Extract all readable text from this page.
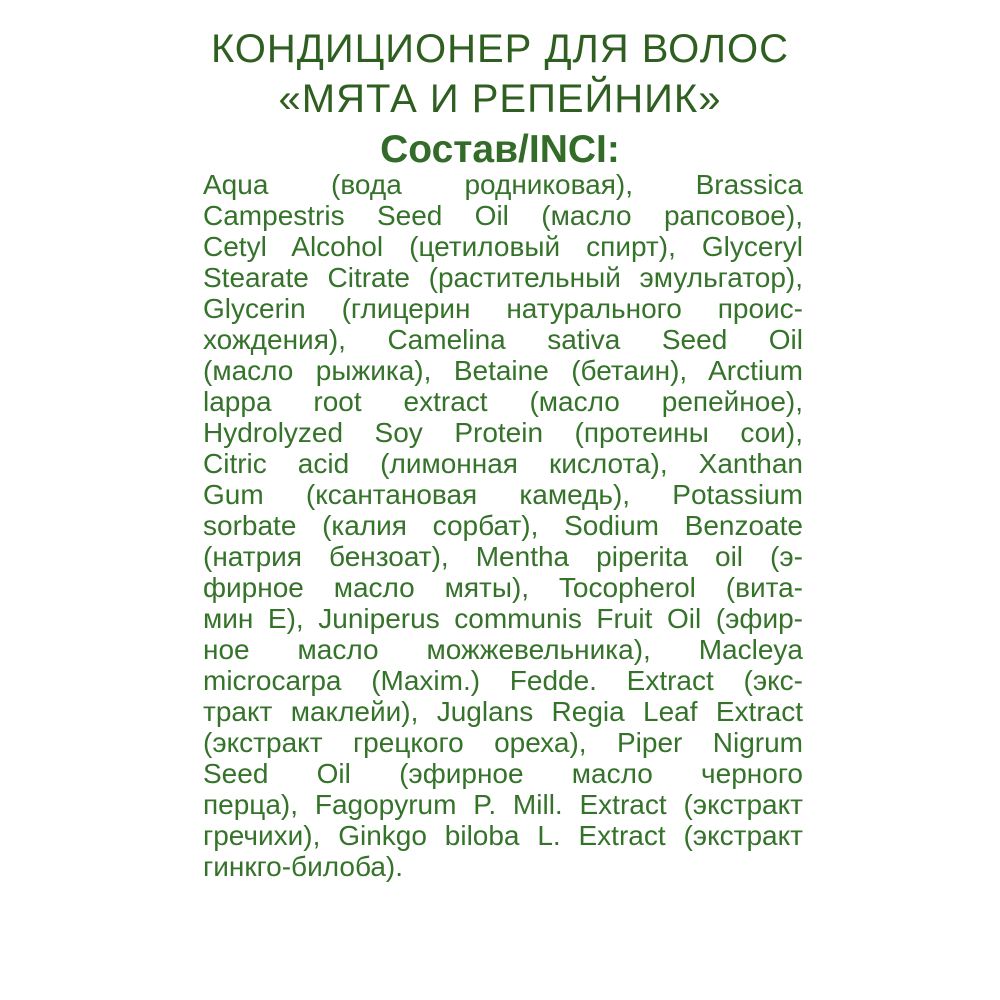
КОНДИЦИОНЕР ДЛЯ ВОЛОС
«МЯТА И РЕПЕЙНИК»
Состав/INCI:
Aqua (вода родниковая), Brassica
Campestris Seed Oil (масло рапсовое),
Cetyl Alcohol (цетиловый спирт), Glyceryl
Stearate Citrate (растительный эмульгатор),
Glycerin (глицерин натурального проис-
хождения), Camelina sativa Seed Oil
(масло рыжика), Betaine (бетаин), Arctium
lappa root extract (масло репейное),
Hydrolyzed Soy Protein (протеины сои),
Citric acid (лимонная кислота), Xanthan
Gum (ксантановая камедь), Potassium
sorbate (калия сорбат), Sodium Benzoate
(натрия бензоат), Mentha piperita oil (э-
фирное масло мяты), Tocopherol (вита-
мин Е), Juniperus communis Fruit Oil (эфир-
ное масло можжевельника), Macleya
microcarpa (Maxim.) Fedde. Extract (экс-
тракт маклейи), Juglans Regia Leaf Extract
(экстракт грецкого ореха), Piper Nigrum
Seed Oil (эфирное масло черного
перца), Fagopyrum P. Mill. Extract (экстракт
гречихи), Ginkgo biloba L. Extract (экстракт
гинкго-билоба).
